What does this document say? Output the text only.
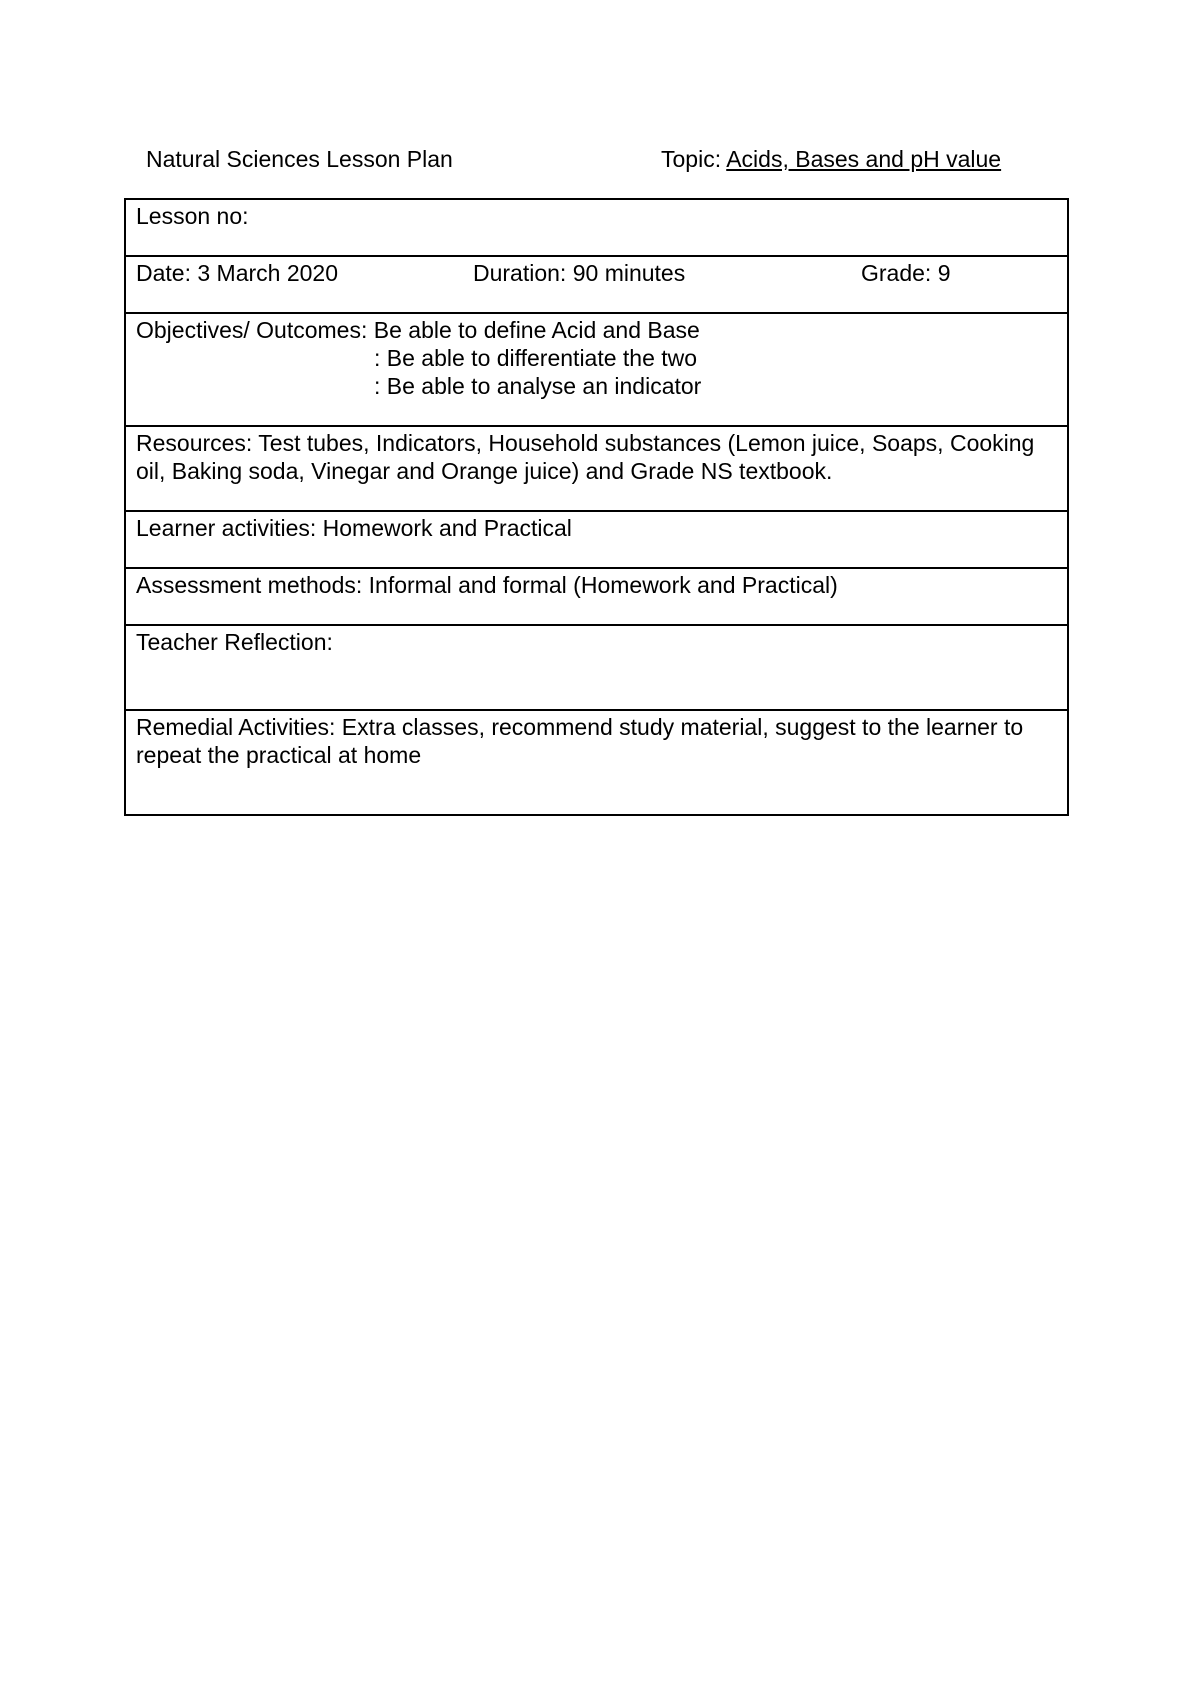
Natural Sciences Lesson Plan	Topic: Acids, Bases and pH value
Lesson no:
Date: 3 March 2020	Duration: 90 minutes	Grade: 9
Objectives/ Outcomes: Be able to define Acid and Base
: Be able to differentiate the two
: Be able to analyse an indicator
Resources: Test tubes, Indicators, Household substances (Lemon juice, Soaps, Cooking oil, Baking soda, Vinegar and Orange juice) and Grade NS textbook.
Learner activities: Homework and Practical
Assessment methods: Informal and formal (Homework and Practical)
Teacher Reflection:
Remedial Activities: Extra classes, recommend study material, suggest to the learner to repeat the practical at home
